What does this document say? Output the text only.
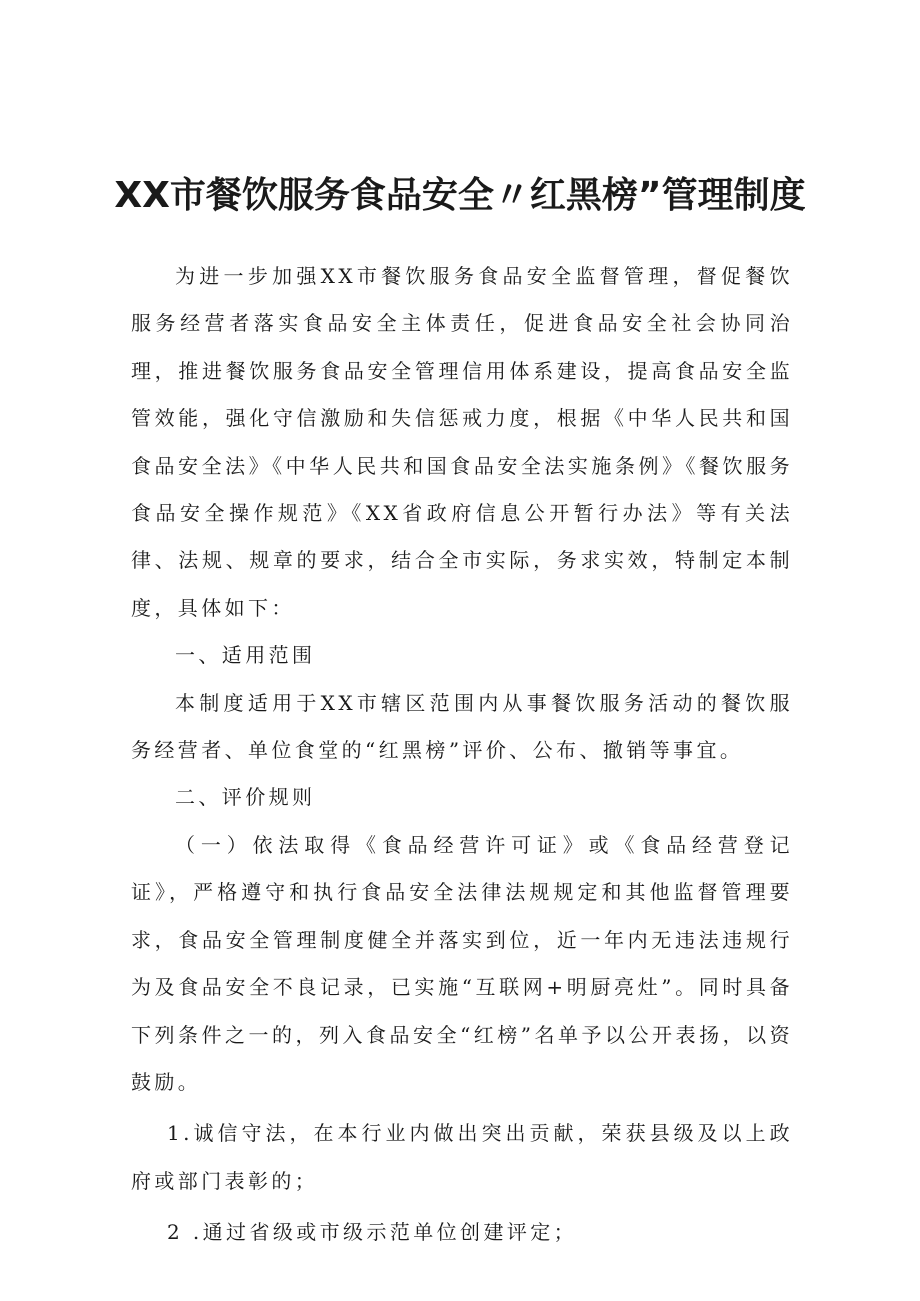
XX市餐饮服务食品安全〃红黑榜”管理制度

为进一步加强XX市餐饮服务食品安全监督管理，督促餐饮服务经营者落实食品安全主体责任，促进食品安全社会协同治理，推进餐饮服务食品安全管理信用体系建设，提高食品安全监管效能，强化守信激励和失信惩戒力度，根据《中华人民共和国食品安全法》《中华人民共和国食品安全法实施条例》《餐饮服务食品安全操作规范》《XX省政府信息公开暂行办法》等有关法律、法规、规章的要求，结合全市实际，务求实效，特制定本制度，具体如下：

一、适用范围

本制度适用于XX市辖区范围内从事餐饮服务活动的餐饮服务经营者、单位食堂的“红黑榜”评价、公布、撤销等事宜。

二、评价规则

（一）依法取得《食品经营许可证》或《食品经营登记证》，严格遵守和执行食品安全法律法规规定和其他监督管理要求，食品安全管理制度健全并落实到位，近一年内无违法违规行为及食品安全不良记录，已实施“互联网+明厨亮灶”。同时具备下列条件之一的，列入食品安全“红榜”名单予以公开表扬，以资鼓励。

1.诚信守法，在本行业内做出突出贡献，荣获县级及以上政府或部门表彰的；

2 .通过省级或市级示范单位创建评定；
